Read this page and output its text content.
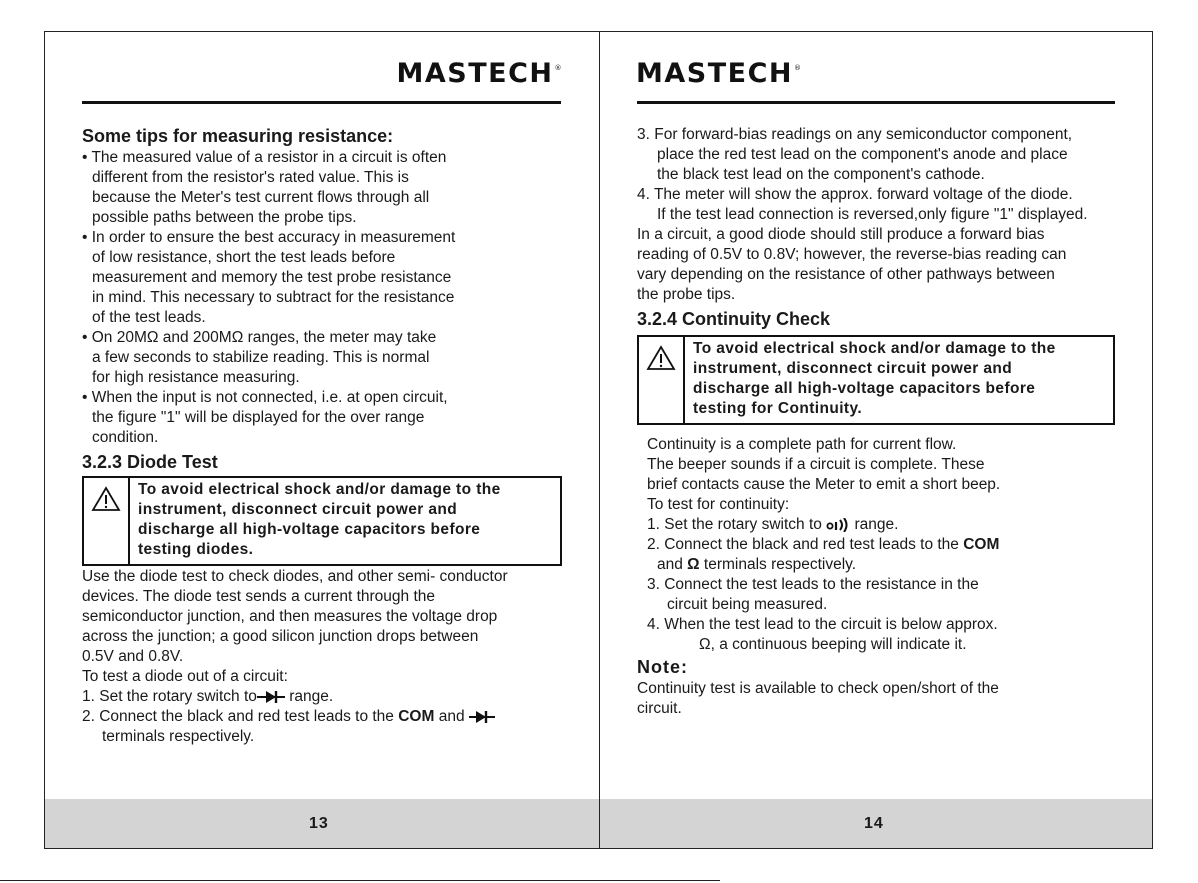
MASTECH®
Some tips for measuring resistance:
• The measured value of a resistor in a circuit is often
different from the resistor's rated value. This is
because the Meter's test current flows through all
possible paths between the probe tips.
• In order to ensure the best accuracy in measurement
of low resistance, short the test leads before
measurement and memory the test probe resistance
in mind. This necessary to subtract for the resistance
of the test leads.
• On 20MΩ and 200MΩ ranges, the meter may take
a few seconds to stabilize reading. This is normal
for high resistance measuring.
• When the input is not connected, i.e. at open circuit,
the figure "1" will be displayed for the over range
condition.
3.2.3 Diode Test
To avoid electrical shock and/or damage to the
instrument, disconnect circuit power and
discharge all high-voltage capacitors before
testing diodes.
Use the diode test to check diodes, and other semi- conductor
devices. The diode test sends a current through the
semiconductor junction, and then measures the voltage drop
across the junction; a good silicon junction drops between
0.5V and 0.8V.
To test a diode out of a circuit:
1. Set the rotary switch to range.
2. Connect the black and red test leads to the COM and
terminals respectively.
13
MASTECH®
3. For forward-bias readings on any semiconductor component,
place the red test lead on the component's anode and place
the black test lead on the component's cathode.
4. The meter will show the approx. forward voltage of the diode.
If the test lead connection is reversed,only figure "1" displayed.
In a circuit, a good diode should still produce a forward bias
reading of 0.5V to 0.8V; however, the reverse-bias reading can
vary depending on the resistance of other pathways between
the probe tips.
3.2.4 Continuity Check
To avoid electrical shock and/or damage to the
instrument, disconnect circuit power and
discharge all high-voltage capacitors before
testing for Continuity.
Continuity is a complete path for current flow.
The beeper sounds if a circuit is complete. These
brief contacts cause the Meter to emit a short beep.
To test for continuity:
1. Set the rotary switch to  range.
2. Connect the black and red test leads to the COM
and Ω terminals respectively.
3. Connect the test leads to the resistance in the
circuit being measured.
4. When the test lead to the circuit is below approx.
Ω, a continuous beeping will indicate it.
Note:
Continuity test is available to check open/short of the
circuit.
14
